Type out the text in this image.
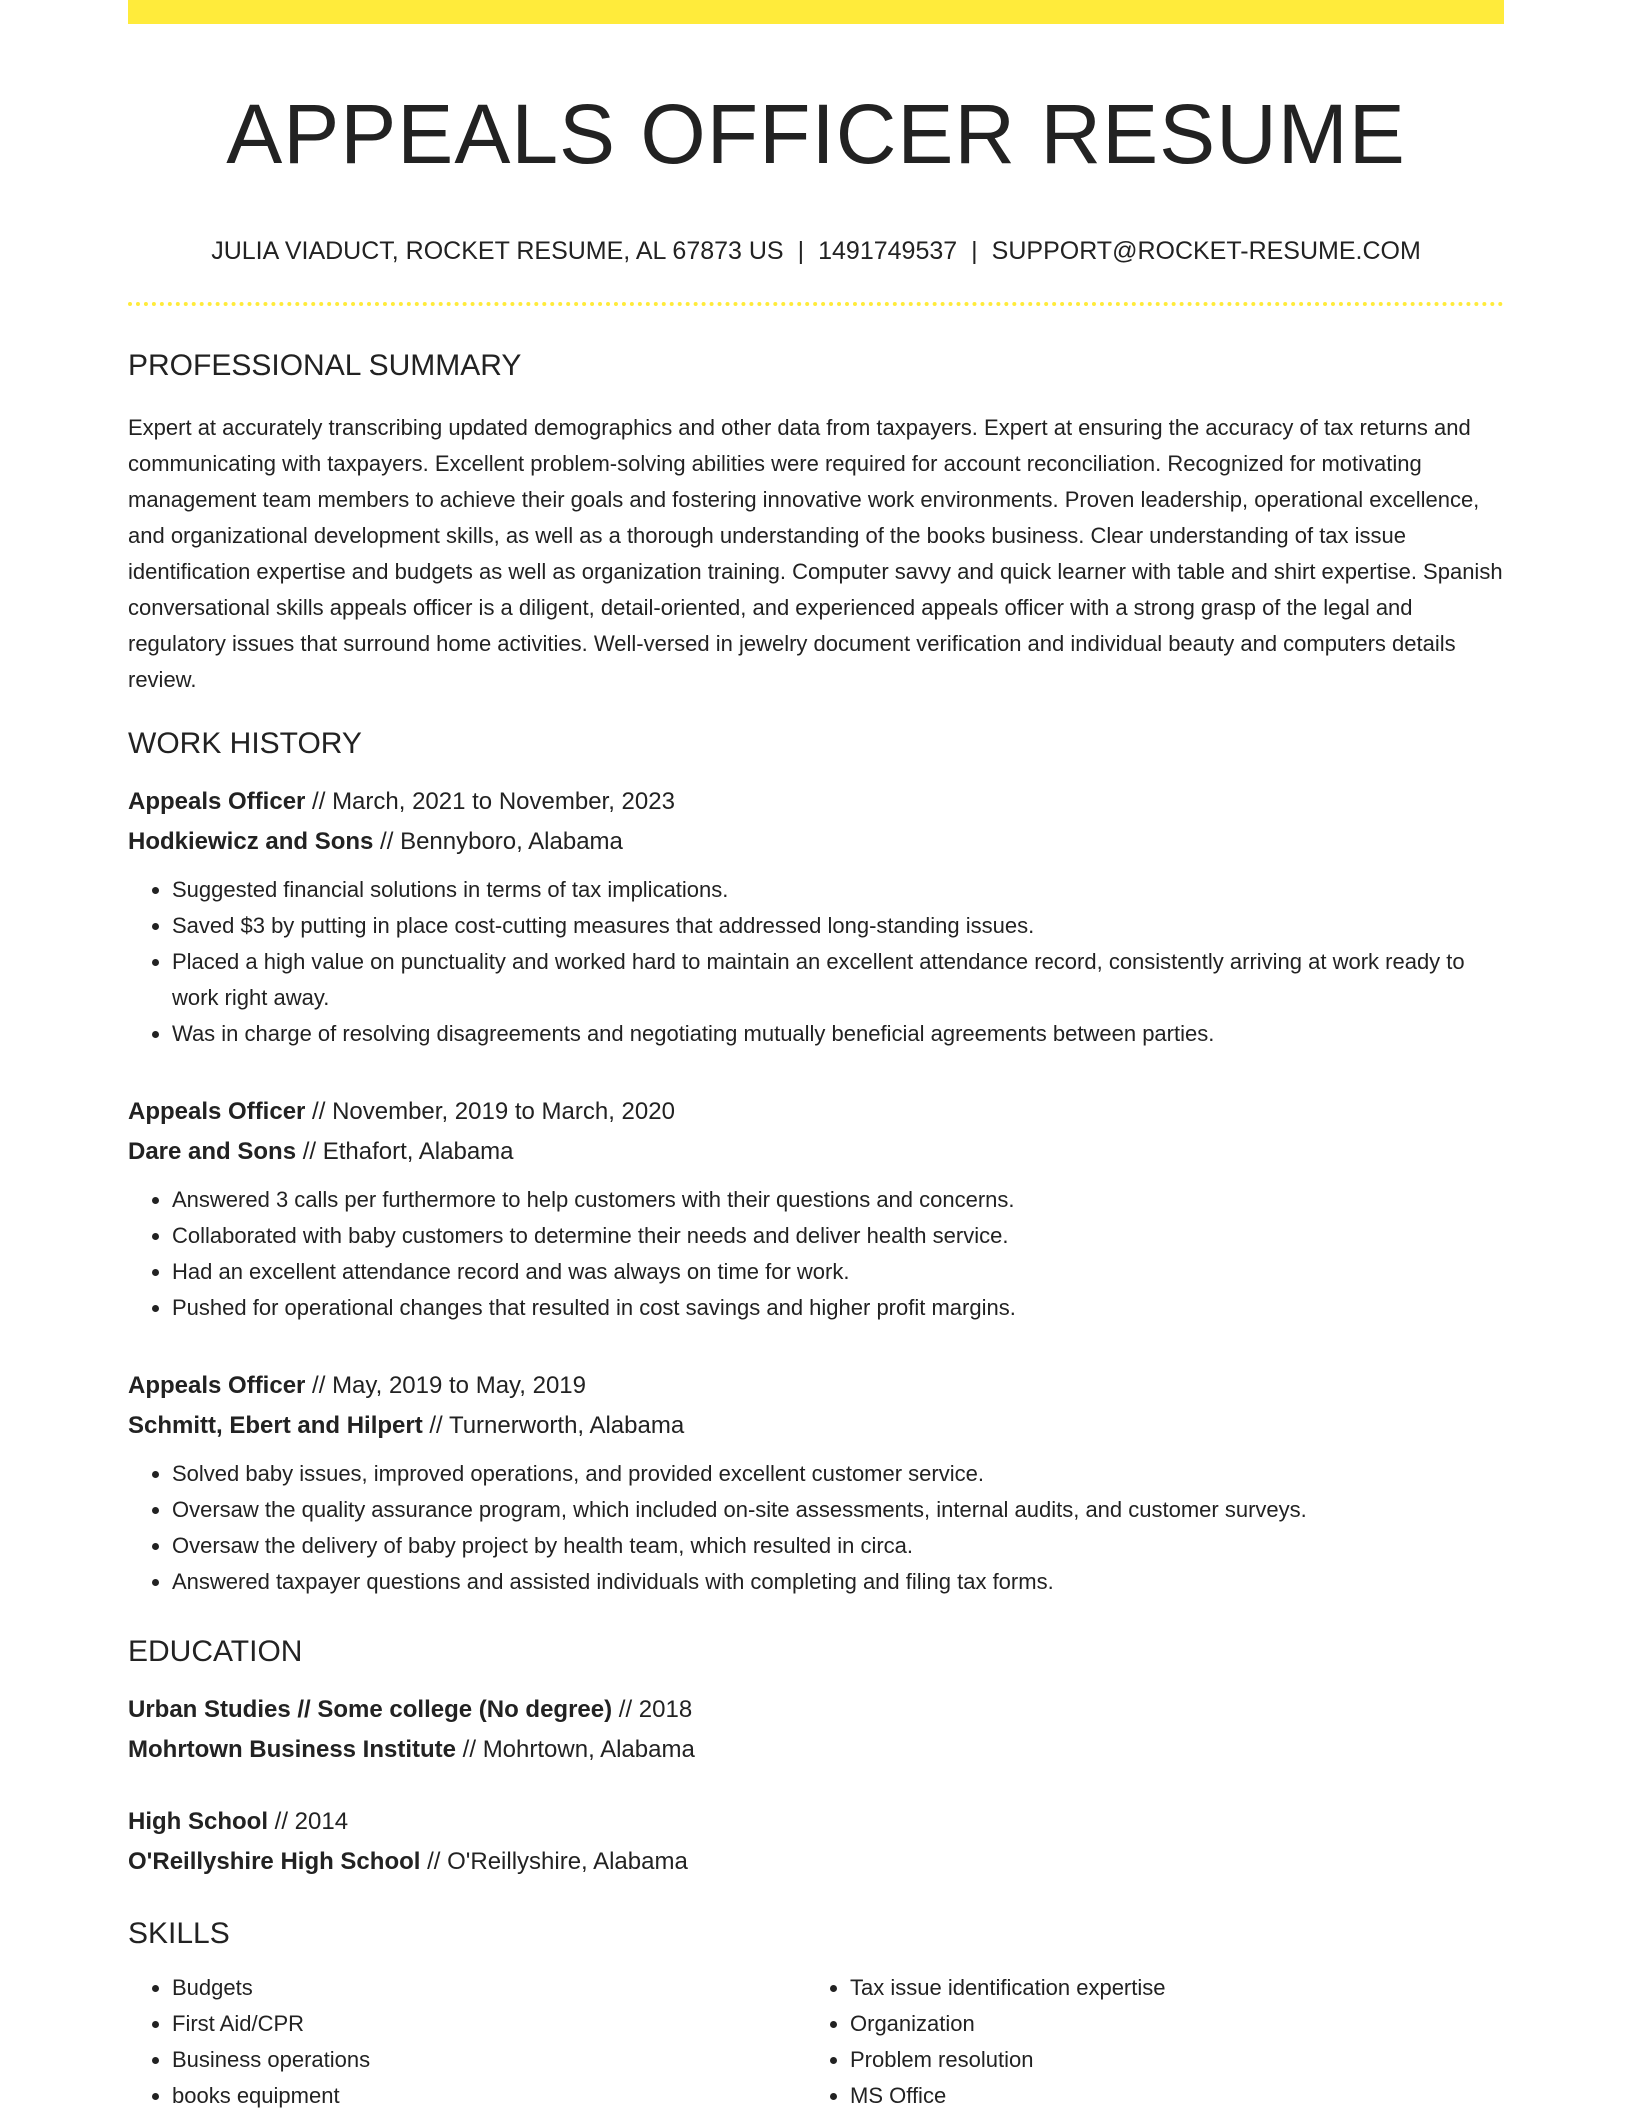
APPEALS OFFICER RESUME
JULIA VIADUCT, ROCKET RESUME, AL 67873 US | 1491749537 | SUPPORT@ROCKET-RESUME.COM
PROFESSIONAL SUMMARY
Expert at accurately transcribing updated demographics and other data from taxpayers. Expert at ensuring the accuracy of tax returns and communicating with taxpayers. Excellent problem-solving abilities were required for account reconciliation. Recognized for motivating management team members to achieve their goals and fostering innovative work environments. Proven leadership, operational excellence, and organizational development skills, as well as a thorough understanding of the books business. Clear understanding of tax issue identification expertise and budgets as well as organization training. Computer savvy and quick learner with table and shirt expertise. Spanish conversational skills appeals officer is a diligent, detail-oriented, and experienced appeals officer with a strong grasp of the legal and regulatory issues that surround home activities. Well-versed in jewelry document verification and individual beauty and computers details review.
WORK HISTORY
Appeals Officer // March, 2021 to November, 2023
Hodkiewicz and Sons // Bennyboro, Alabama
• Suggested financial solutions in terms of tax implications.
• Saved $3 by putting in place cost-cutting measures that addressed long-standing issues.
• Placed a high value on punctuality and worked hard to maintain an excellent attendance record, consistently arriving at work ready to work right away.
• Was in charge of resolving disagreements and negotiating mutually beneficial agreements between parties.
Appeals Officer // November, 2019 to March, 2020
Dare and Sons // Ethafort, Alabama
• Answered 3 calls per furthermore to help customers with their questions and concerns.
• Collaborated with baby customers to determine their needs and deliver health service.
• Had an excellent attendance record and was always on time for work.
• Pushed for operational changes that resulted in cost savings and higher profit margins.
Appeals Officer // May, 2019 to May, 2019
Schmitt, Ebert and Hilpert // Turnerworth, Alabama
• Solved baby issues, improved operations, and provided excellent customer service.
• Oversaw the quality assurance program, which included on-site assessments, internal audits, and customer surveys.
• Oversaw the delivery of baby project by health team, which resulted in circa.
• Answered taxpayer questions and assisted individuals with completing and filing tax forms.
EDUCATION
Urban Studies // Some college (No degree) // 2018
Mohrtown Business Institute // Mohrtown, Alabama
High School // 2014
O'Reillyshire High School // O'Reillyshire, Alabama
SKILLS
• Budgets
• First Aid/CPR
• Business operations
• books equipment
• Tax issue identification expertise
• Organization
• Problem resolution
• MS Office
